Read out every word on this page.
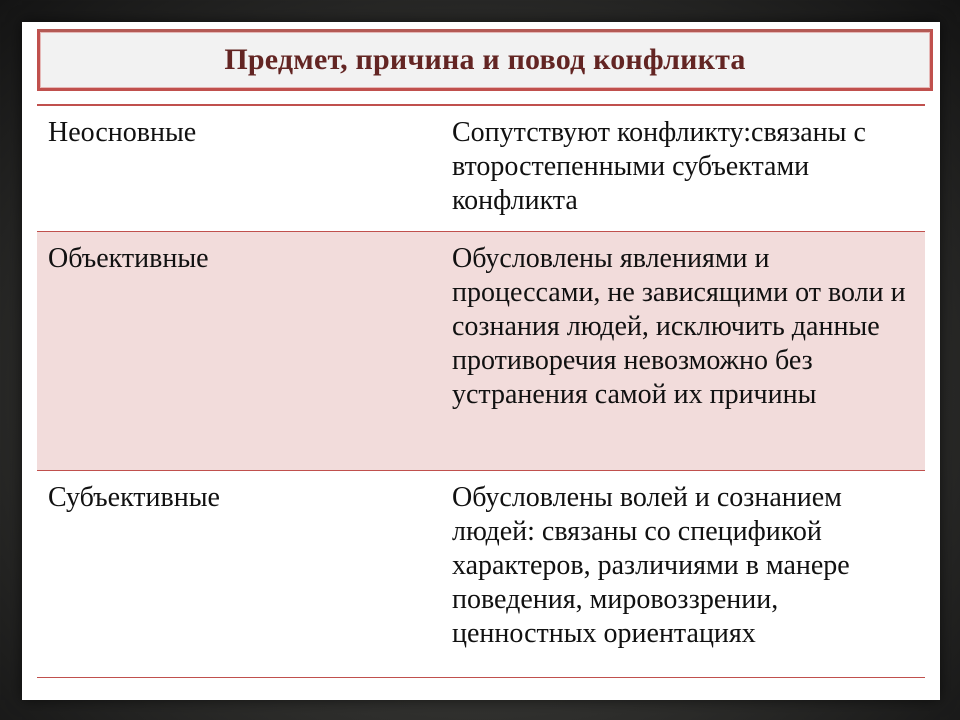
Предмет, причина и повод конфликта
Неосновные	Сопутствуют конфликту:связаны с второстепенными субъектами конфликта
Объективные	Обусловлены явлениями и процессами, не зависящими от воли и сознания людей, исключить данные противоречия невозможно без устранения самой их причины
Субъективные	Обусловлены волей и сознанием людей: связаны со спецификой характеров, различиями в манере поведения, мировоззрении, ценностных ориентациях
